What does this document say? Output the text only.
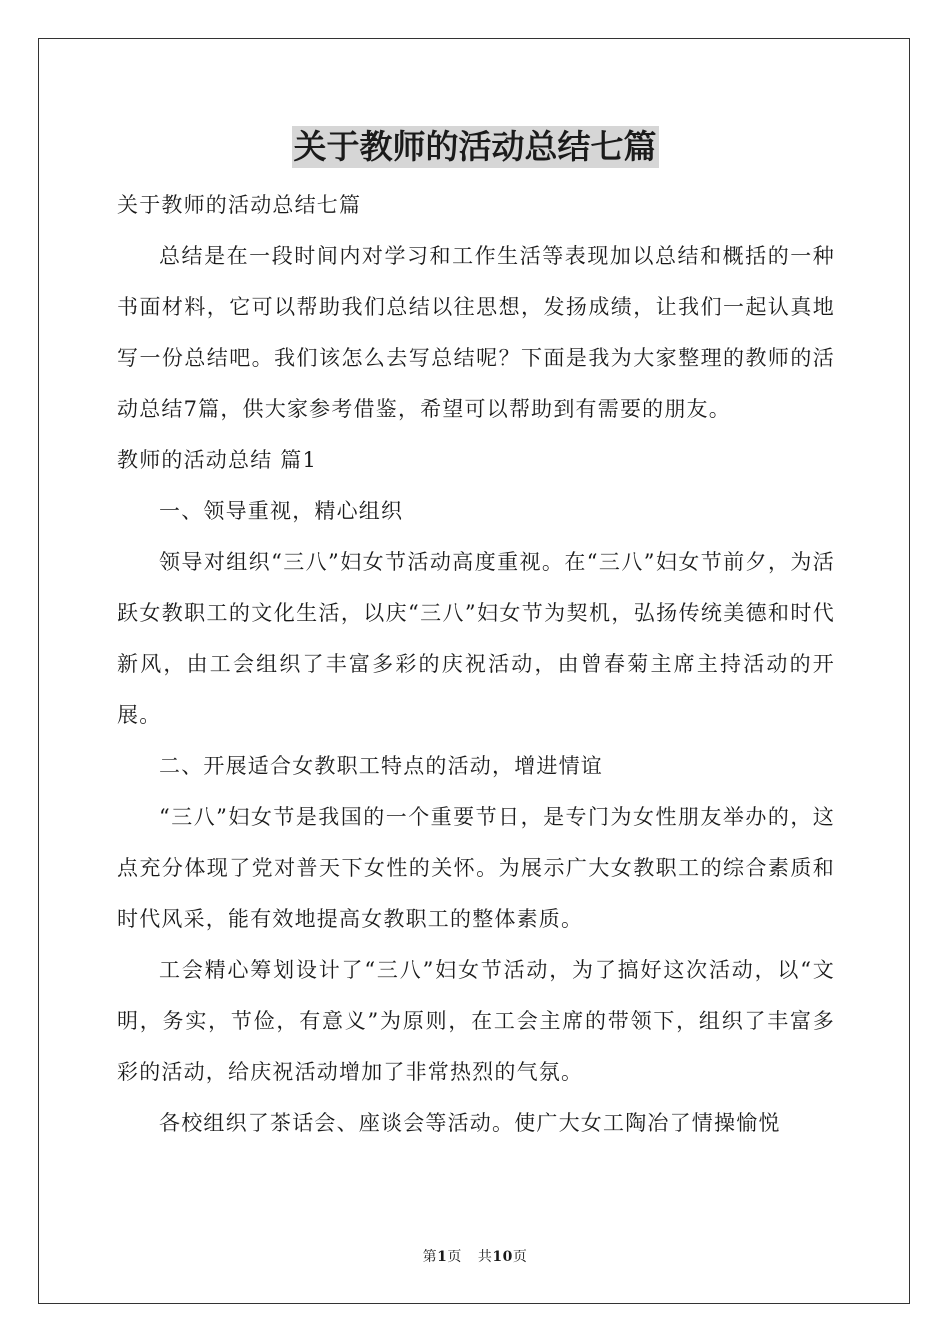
关于教师的活动总结七篇

关于教师的活动总结七篇

总结是在一段时间内对学习和工作生活等表现加以总结和概括的一种书面材料，它可以帮助我们总结以往思想，发扬成绩，让我们一起认真地写一份总结吧。我们该怎么去写总结呢？下面是我为大家整理的教师的活动总结7篇，供大家参考借鉴，希望可以帮助到有需要的朋友。

教师的活动总结 篇1

一、领导重视，精心组织

领导对组织“三八”妇女节活动高度重视。在“三八”妇女节前夕，为活跃女教职工的文化生活，以庆“三八”妇女节为契机，弘扬传统美德和时代新风，由工会组织了丰富多彩的庆祝活动，由曾春菊主席主持活动的开展。

二、开展适合女教职工特点的活动，增进情谊

“三八”妇女节是我国的一个重要节日，是专门为女性朋友举办的，这点充分体现了党对普天下女性的关怀。为展示广大女教职工的综合素质和时代风采，能有效地提高女教职工的整体素质。

工会精心筹划设计了“三八”妇女节活动，为了搞好这次活动，以“文明，务实，节俭，有意义”为原则，在工会主席的带领下，组织了丰富多彩的活动，给庆祝活动增加了非常热烈的气氛。

各校组织了茶话会、座谈会等活动。使广大女工陶冶了情操愉悦

第1页 共10页
